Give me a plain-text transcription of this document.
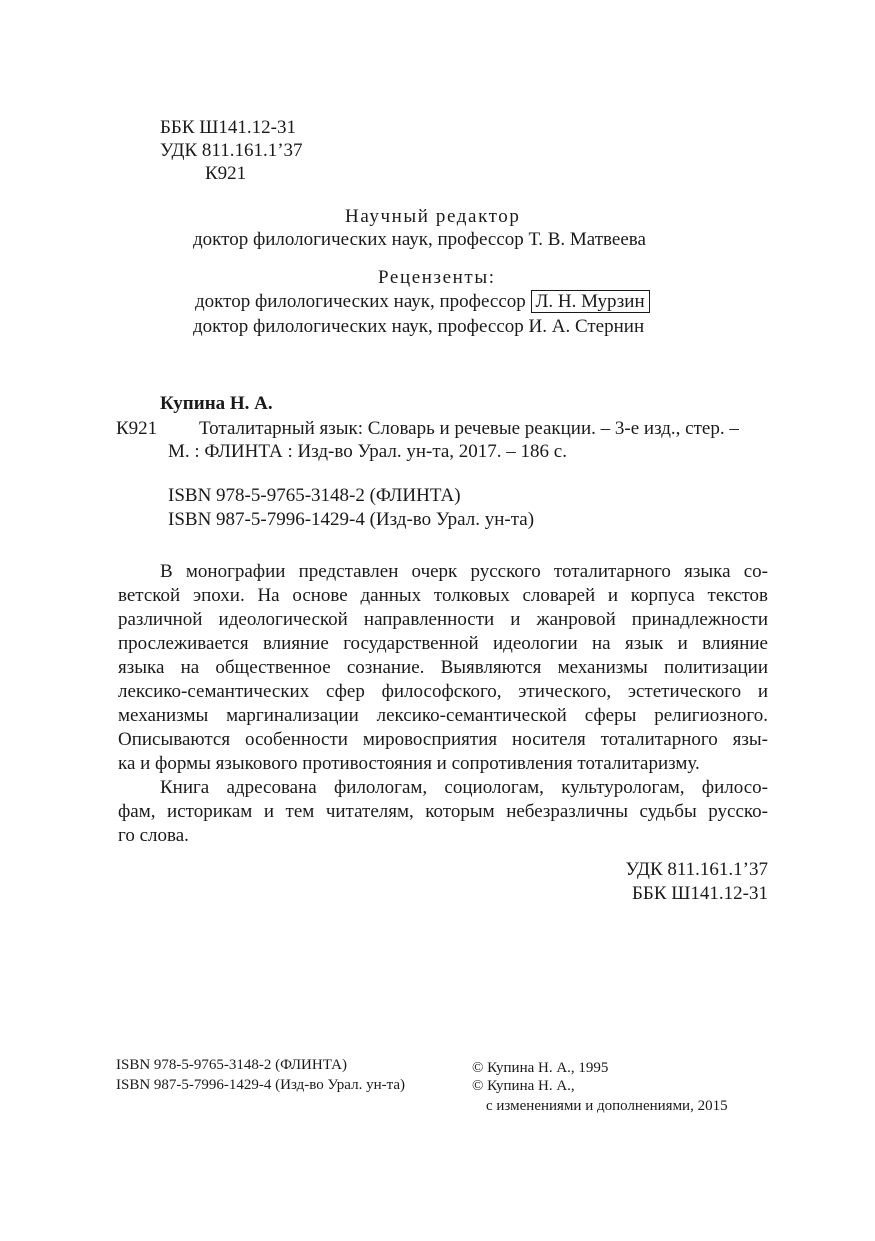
ББК Ш141.12-31
УДК 811.161.1’37
К921
Научный редактор
доктор филологических наук, профессор Т. В. Матвеева
Рецензенты:
доктор филологических наук, профессор Л. Н. Мурзин
доктор филологических наук, профессор И. А. Стернин
Купина Н. А.
К921 Тоталитарный язык: Словарь и речевые реакции. – 3-е изд., стер. –
М. : ФЛИНТА : Изд-во Урал. ун-та, 2017. – 186 с.
ISBN 978-5-9765-3148-2 (ФЛИНТА)
ISBN 987-5-7996-1429-4 (Изд-во Урал. ун-та)

В монографии представлен очерк русского тоталитарного языка со-
ветской эпохи. На основе данных толковых словарей и корпуса текстов
различной идеологической направленности и жанровой принадлежности
прослеживается влияние государственной идеологии на язык и влияние
языка на общественное сознание. Выявляются механизмы политизации
лексико-семантических сфер философского, этического, эстетического и
механизмы маргинализации лексико-семантической сферы религиозного.
Описываются особенности мировосприятия носителя тоталитарного язы-
ка и формы языкового противостояния и сопротивления тоталитаризму.

Книга адресована филологам, социологам, культурологам, филосо-
фам, историкам и тем читателям, которым небезразличны судьбы русско-
го слова.

УДК 811.161.1’37
ББК Ш141.12-31
ISBN 978-5-9765-3148-2 (ФЛИНТА)
ISBN 987-5-7996-1429-4 (Изд-во Урал. ун-та)
© Купина Н. А., 1995
© Купина Н. А.,
с изменениями и дополнениями, 2015
